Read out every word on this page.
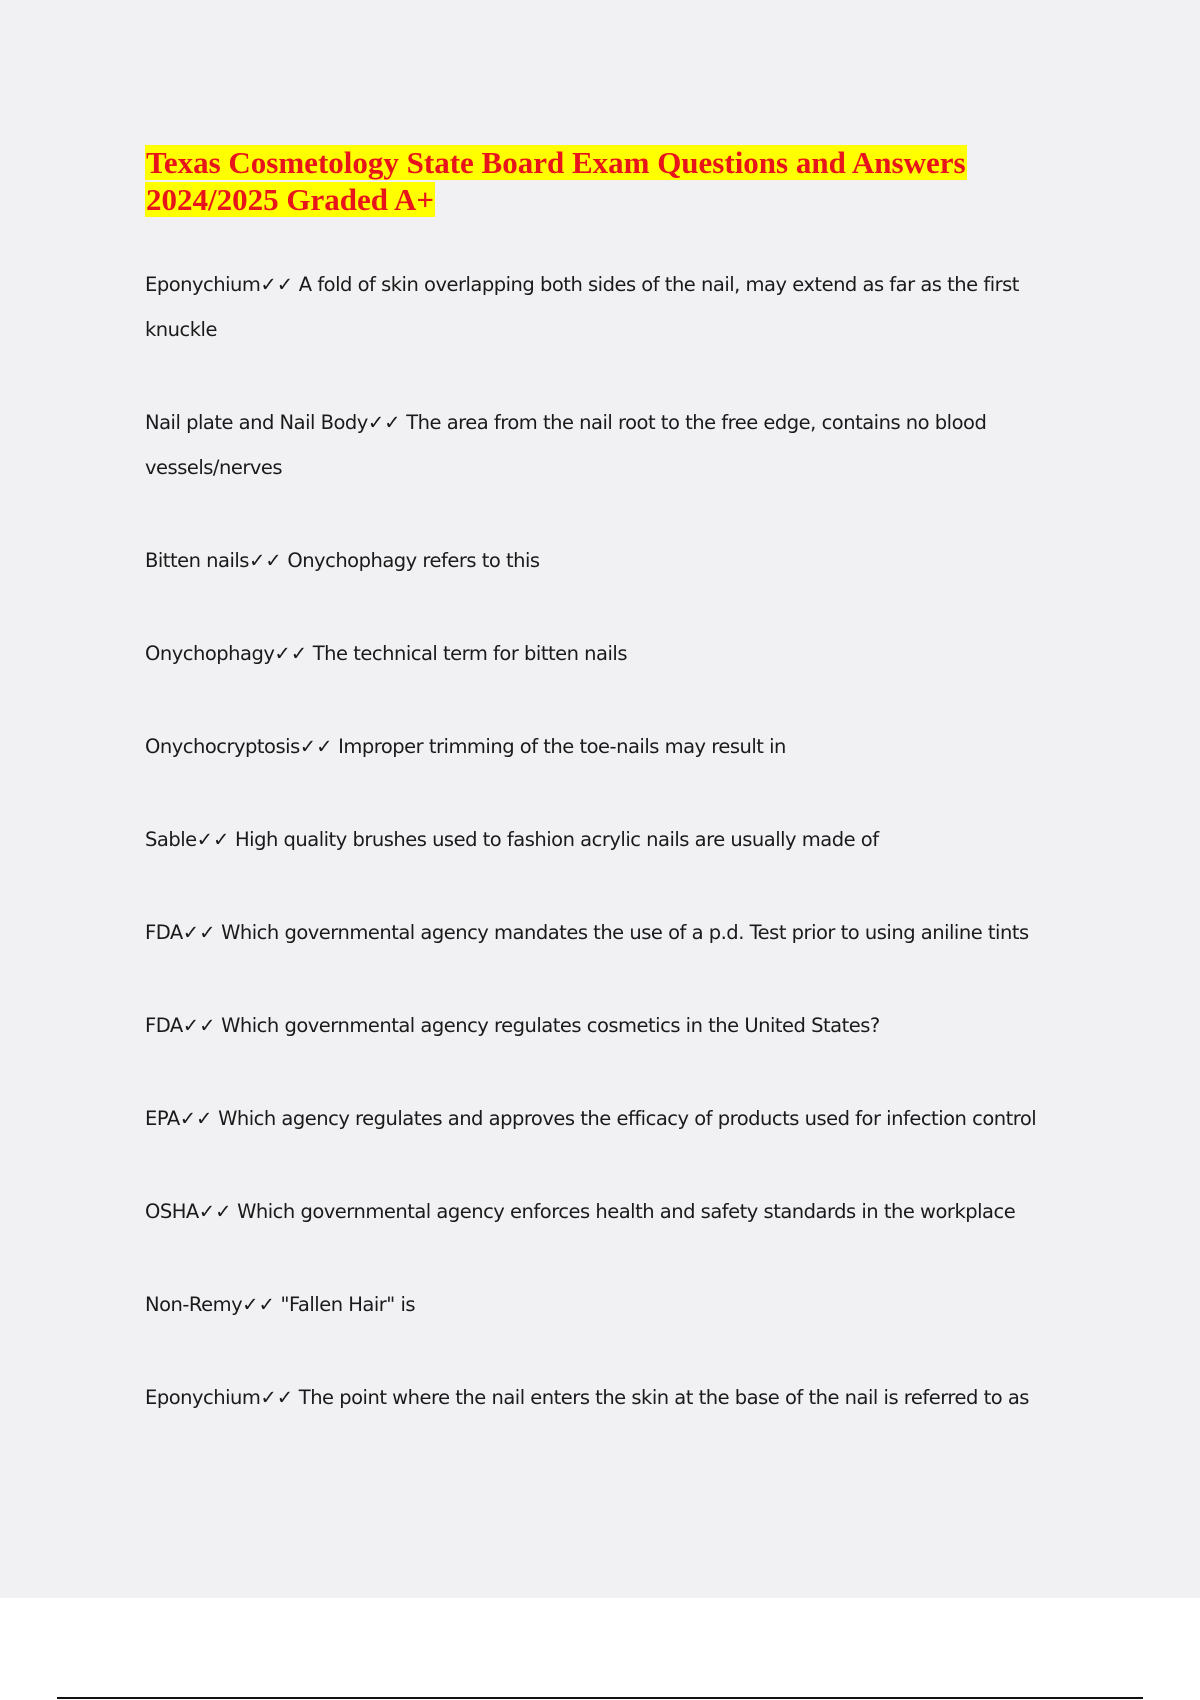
Texas Cosmetology State Board Exam Questions and Answers
2024/2025 Graded A+
Eponychium✓✓ A fold of skin overlapping both sides of the nail, may extend as far as the first knuckle
Nail plate and Nail Body✓✓ The area from the nail root to the free edge, contains no blood vessels/nerves
Bitten nails✓✓ Onychophagy refers to this
Onychophagy✓✓ The technical term for bitten nails
Onychocryptosis✓✓ Improper trimming of the toe-nails may result in
Sable✓✓ High quality brushes used to fashion acrylic nails are usually made of
FDA✓✓ Which governmental agency mandates the use of a p.d. Test prior to using aniline tints
FDA✓✓ Which governmental agency regulates cosmetics in the United States?
EPA✓✓ Which agency regulates and approves the efficacy of products used for infection control
OSHA✓✓ Which governmental agency enforces health and safety standards in the workplace
Non-Remy✓✓ "Fallen Hair" is
Eponychium✓✓ The point where the nail enters the skin at the base of the nail is referred to as
